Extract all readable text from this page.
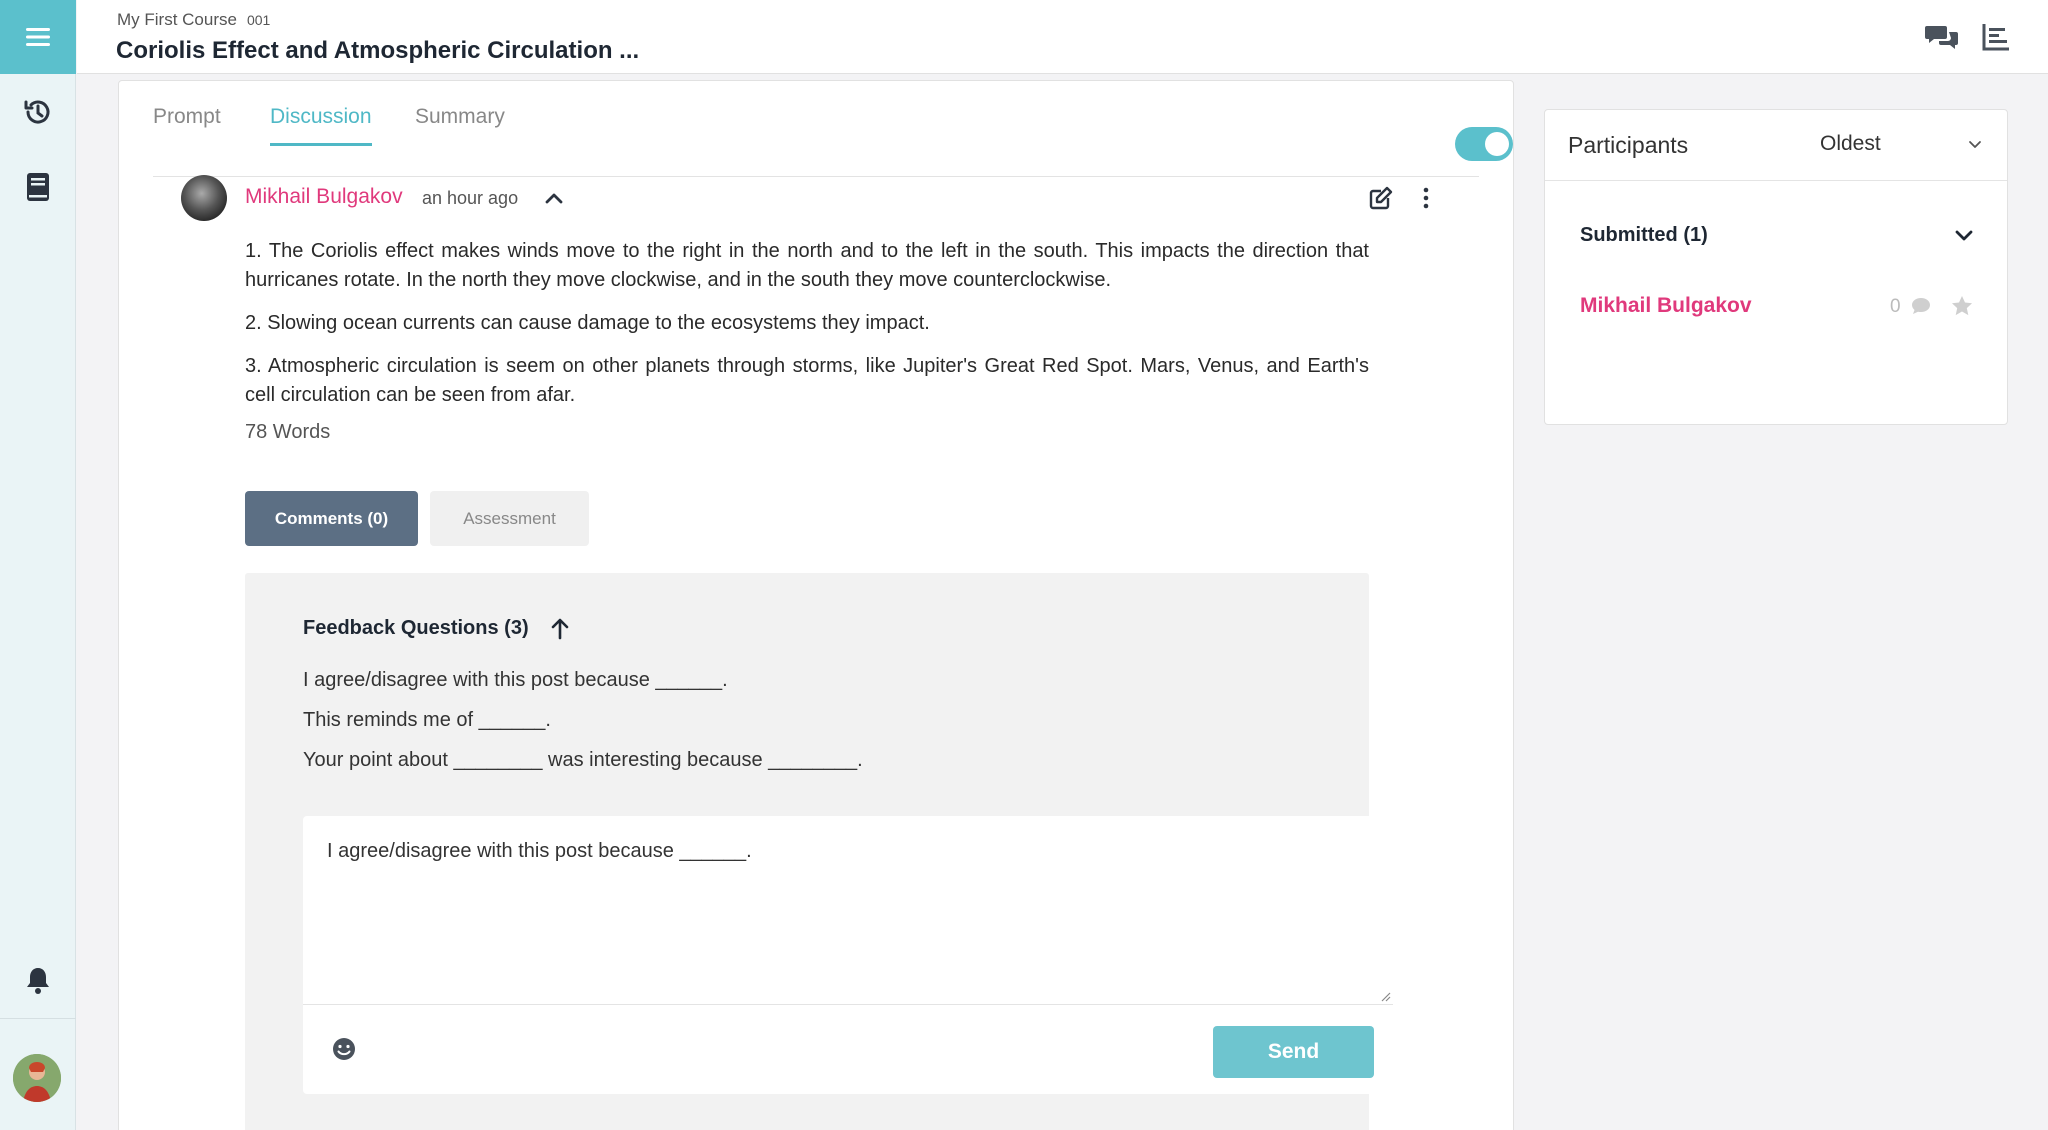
My First Course 001
Coriolis Effect and Atmospheric Circulation ...
Prompt Discussion Summary
Mikhail Bulgakov an hour ago

1. The Coriolis effect makes winds move to the right in the north and to the left in the south. This impacts the direction that hurricanes rotate. In the north they move clockwise, and in the south they move counterclockwise.

2. Slowing ocean currents can cause damage to the ecosystems they impact.

3. Atmospheric circulation is seem on other planets through storms, like Jupiter's Great Red Spot. Mars, Venus, and Earth's cell circulation can be seen from afar.

78 Words
Comments (0)	Assessment
Feedback Questions (3)
I agree/disagree with this post because ______.
This reminds me of ______.
Your point about ________ was interesting because ________.
I agree/disagree with this post because ______.
Send
Participants	Oldest
Submitted (1)
Mikhail Bulgakov	0
